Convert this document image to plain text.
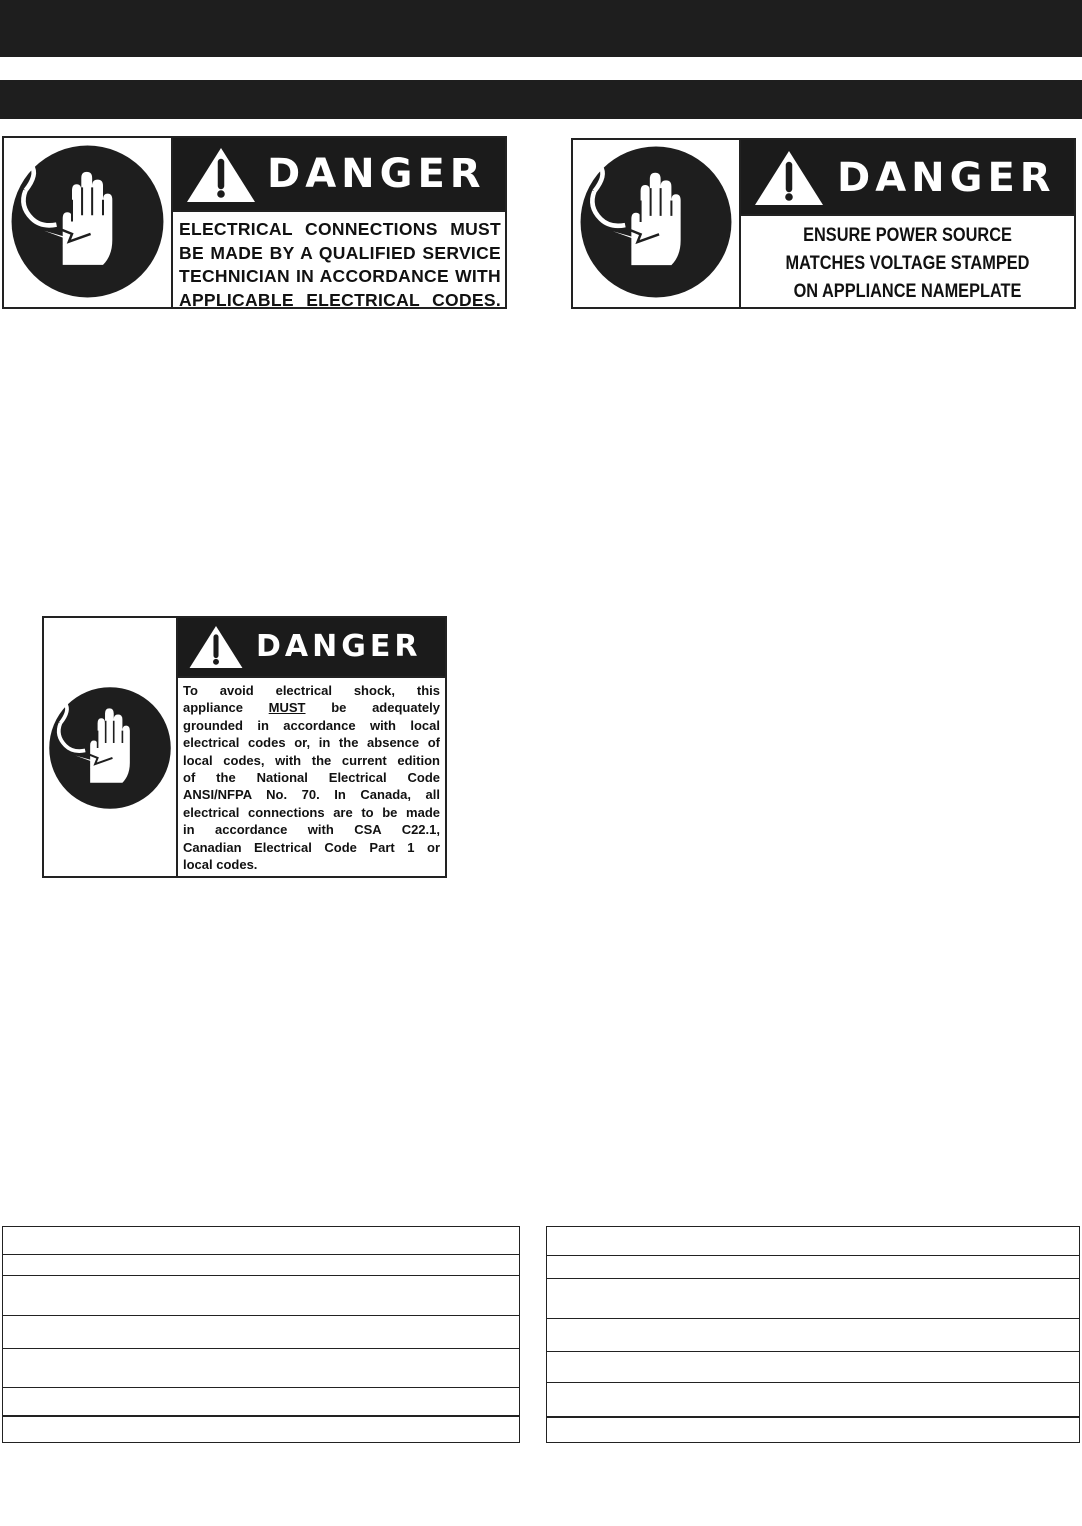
DANGER
ELECTRICAL CONNECTIONS MUST
BE MADE BY A QUALIFIED SERVICE
TECHNICIAN IN ACCORDANCE WITH
APPLICABLE ELECTRICAL CODES.
DANGER
ENSURE POWER SOURCE
MATCHES VOLTAGE STAMPED
ON APPLIANCE NAMEPLATE
DANGER
To avoid electrical shock, this
appliance MUST be adequately
grounded in accordance with local
electrical codes or, in the absence of
local codes, with the current edition
of the National Electrical Code
ANSI/NFPA No. 70. In Canada, all
electrical connections are to be made
in accordance with CSA C22.1,
Canadian Electrical Code Part 1 or
local codes.
